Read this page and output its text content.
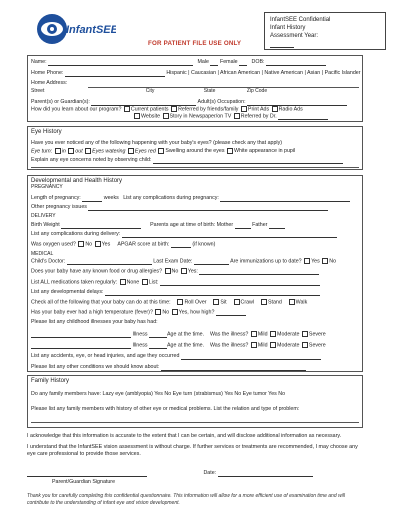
InfantSEE
InfantSEE Confidential
Infant History
Assessment Year:
FOR PATIENT FILE USE ONLY
Name:	Male Female	DOB:
Home Phone:	Hispanic | Caucasian | African American | Native American | Asian | Pacific Islander
Home Address:
Street	City	State	Zip Code
Parent(s) or Guardian(s):	Adult(s) Occupation:
How did you learn about our program? Current patients Referred by friends/family Print Ads Radio Ads
Website Story in Newspaper/on TV Referred by Dr.
Eye History
Have you ever noticed any of the following happening with your baby's eyes? (please check any that apply)
Eye turn: in out Eyes watering Eyes red Swelling around the eyes White appearance in pupil
Explain any eye concerns noted by observing child:
Developmental and Health History
PREGNANCY
Length of pregnancy:	weeks List any complications during pregnancy:
Other pregnancy issues
DELIVERY
Birth Weight	Parents age at time of birth: Mother	Father
List any complications during delivery:
Was oxygen used? No Yes APGAR score at birth:	(if known)
MEDICAL
Child's Doctor:	Last Exam Date:	Are immunizations up to date? Yes No
Does your baby have any known food or drug allergies? No Yes:
List ALL medications taken regularly: None List:
List any developmental delays:
Check all of the following that your baby can do at this time:	Roll Over	Sit	Crawl	Stand	Walk
Has your baby ever had a high temperature (fever)? No Yes, how high?
Please list any childhood illnesses your baby has had:
Illness	Age at the time. Was the illness? Mild Moderate Severe
Illness	Age at the time. Was the illness? Mild Moderate Severe
List any accidents, eye, or head injuries, and age they occurred
Please list any other conditions we should know about:
Family History
Do any family members have: Lazy eye (amblyopia) Yes No Eye turn (strabismus) Yes No Eye tumor Yes No
Please list any family members with history of other eye or medical problems. List the relation and type of problem:
I acknowledge that this information is accurate to the extent that I can be certain, and will disclose additional information as necessary.
I understand that the InfantSEE vision assessment is without charge. If further services or treatments are recommended, I may choose any eye care professional to provide those services.
Date:
Parent/Guardian Signature
Thank you for carefully completing this confidential questionnaire. This information will allow for a more efficient use of examination time and will contribute to the understanding of infant eye and vision development.
